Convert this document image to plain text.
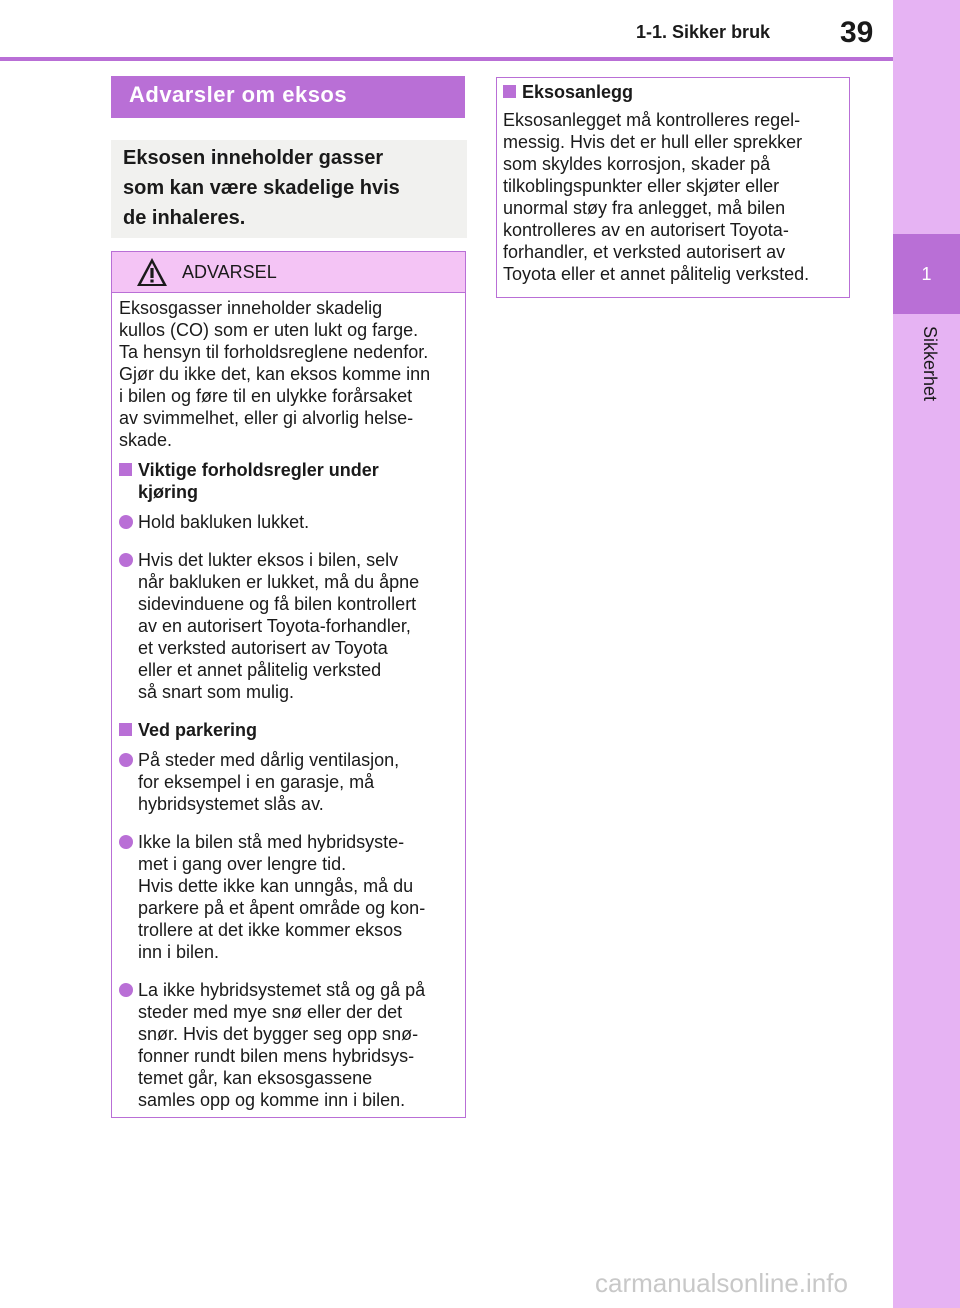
1-1. Sikker bruk 39
1
Sikkerhet
Advarsler om eksos

Eksosen inneholder gasser
som kan være skadelige hvis
de inhaleres.

ADVARSEL

Eksosgasser inneholder skadelig
kullos (CO) som er uten lukt og farge.
Ta hensyn til forholdsreglene nedenfor.
Gjør du ikke det, kan eksos komme inn
i bilen og føre til en ulykke forårsaket
av svimmelhet, eller gi alvorlig helse-
skade.

Viktige forholdsregler under
kjøring
Hold bakluken lukket.
Hvis det lukter eksos i bilen, selv
når bakluken er lukket, må du åpne
sidevinduene og få bilen kontrollert
av en autorisert Toyota-forhandler,
et verksted autorisert av Toyota
eller et annet pålitelig verksted
så snart som mulig.
Ved parkering
På steder med dårlig ventilasjon,
for eksempel i en garasje, må
hybridsystemet slås av.
Ikke la bilen stå med hybridsyste-
met i gang over lengre tid.
Hvis dette ikke kan unngås, må du
parkere på et åpent område og kon-
trollere at det ikke kommer eksos
inn i bilen.
La ikke hybridsystemet stå og gå på
steder med mye snø eller der det
snør. Hvis det bygger seg opp snø-
fonner rundt bilen mens hybridsys-
temet går, kan eksosgassene
samles opp og komme inn i bilen.
Eksosanlegg

Eksosanlegget må kontrolleres regel-
messig. Hvis det er hull eller sprekker
som skyldes korrosjon, skader på
tilkoblingspunkter eller skjøter eller
unormal støy fra anlegget, må bilen
kontrolleres av en autorisert Toyota-
forhandler, et verksted autorisert av
Toyota eller et annet pålitelig verksted.

carmanualsonline.info
